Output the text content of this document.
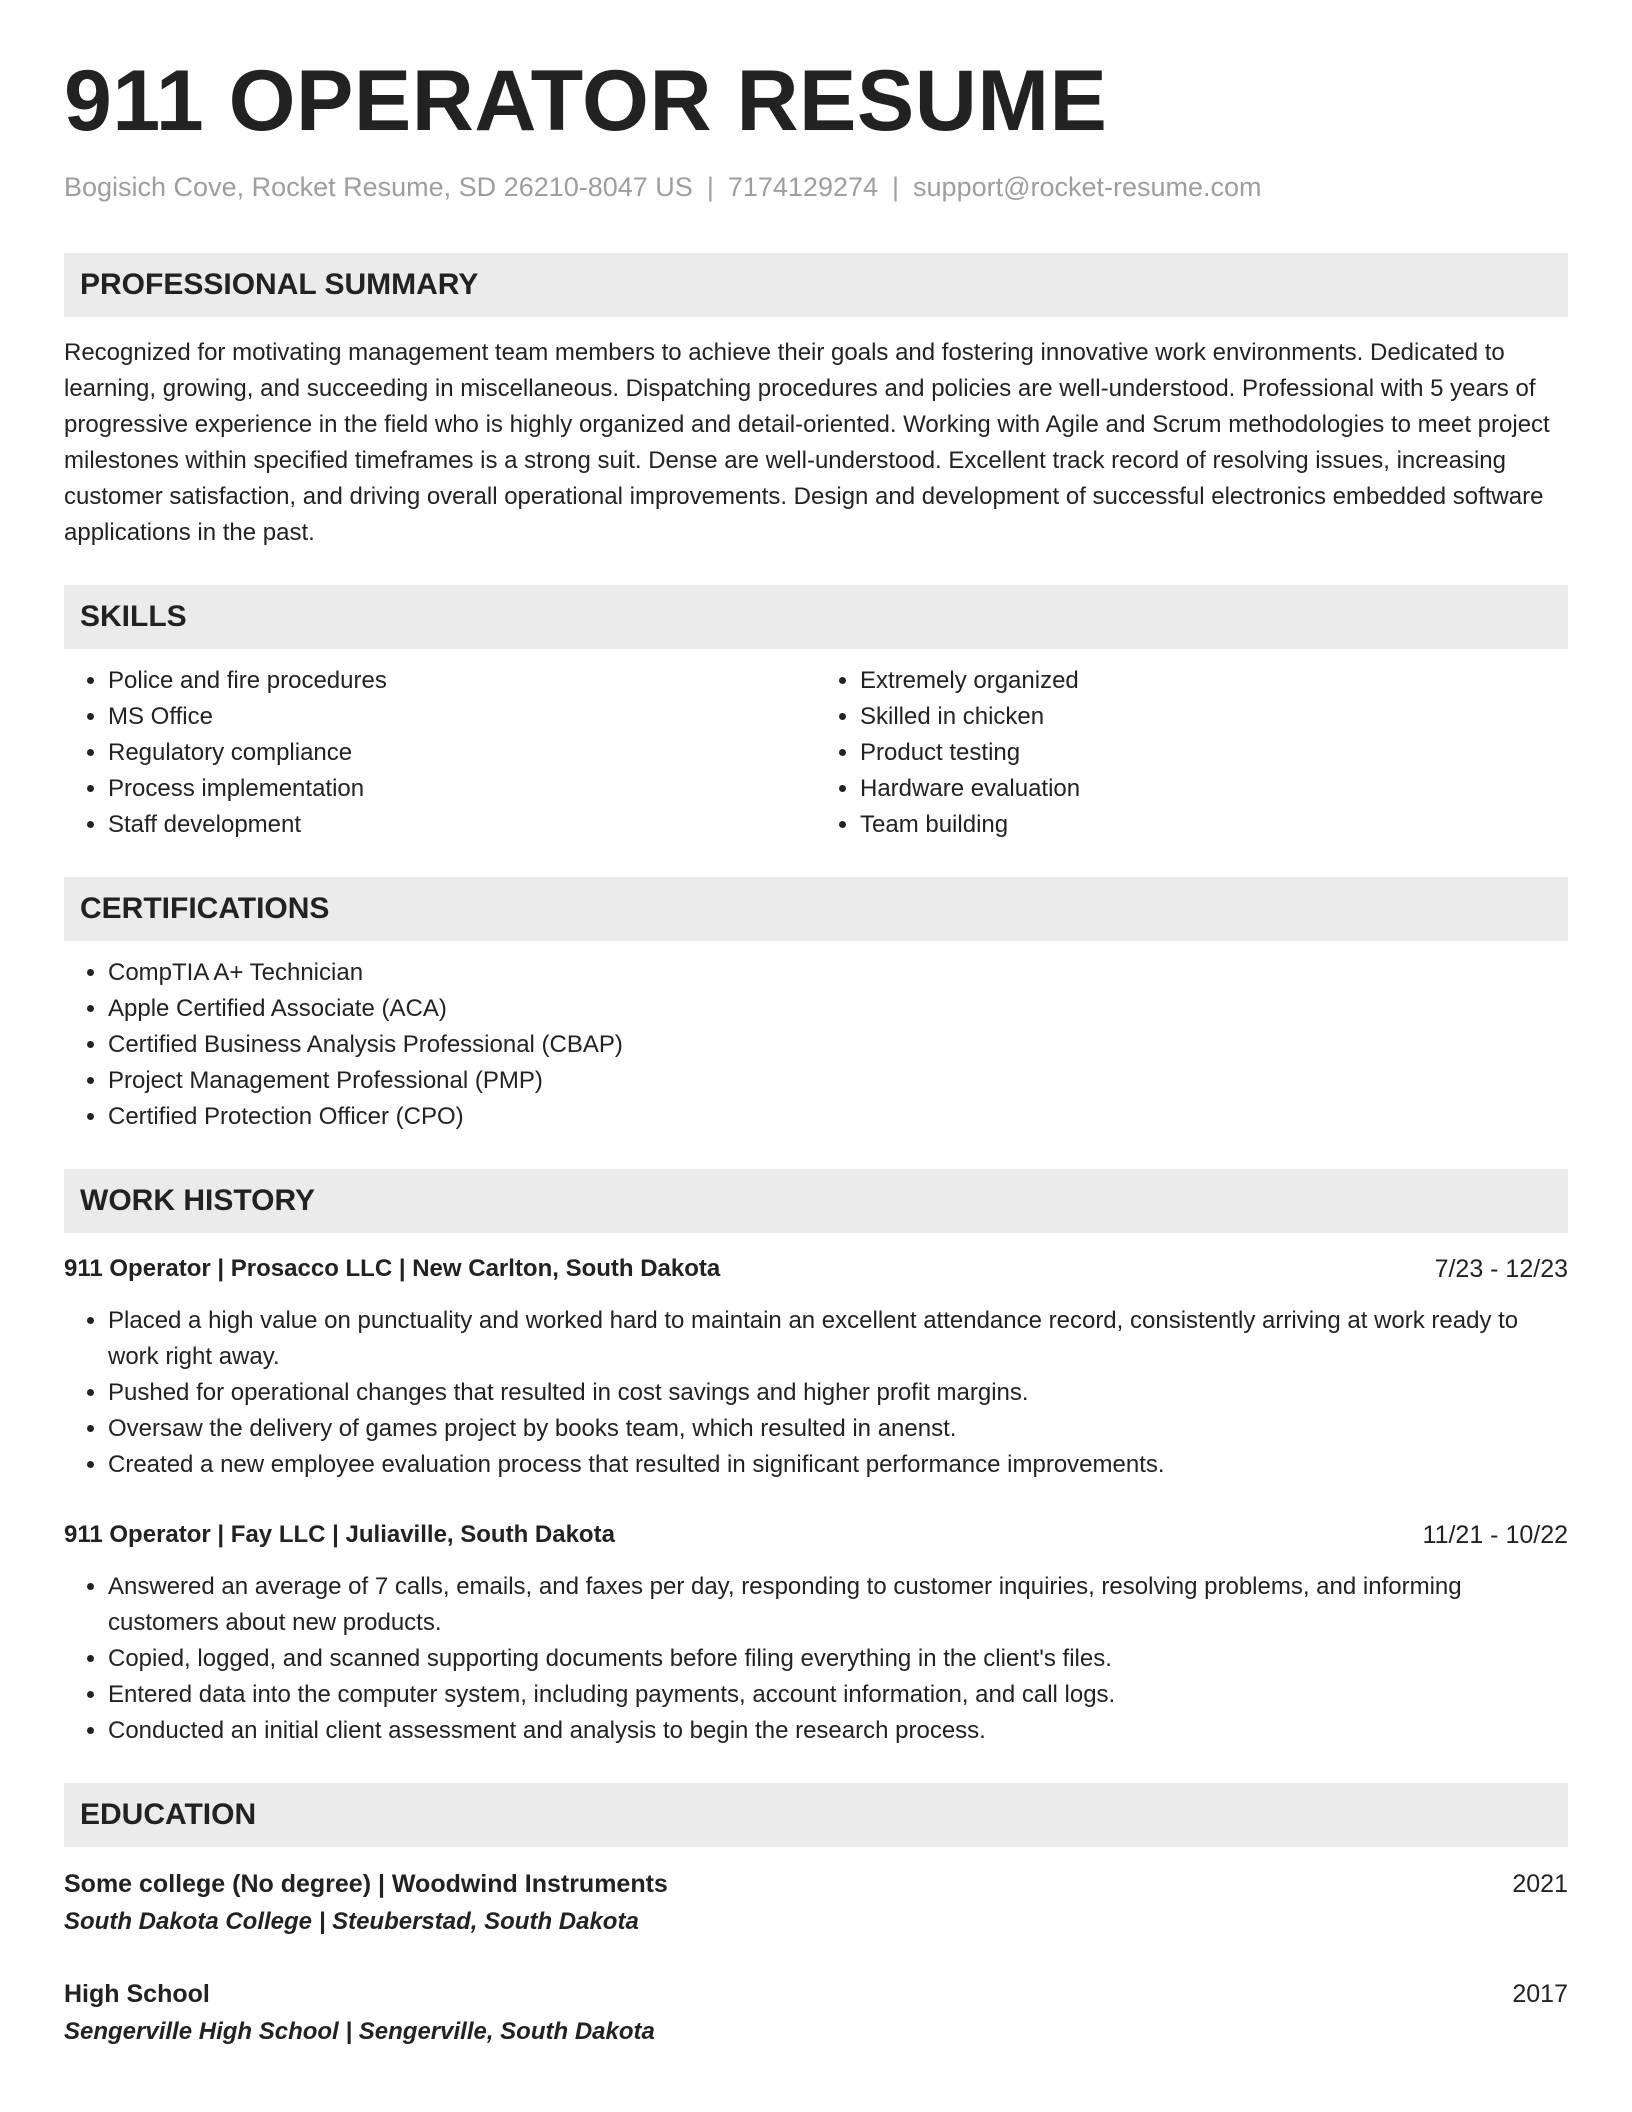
911 OPERATOR RESUME
Bogisich Cove, Rocket Resume, SD 26210-8047 US | 7174129274 | support@rocket-resume.com
PROFESSIONAL SUMMARY

Recognized for motivating management team members to achieve their goals and fostering innovative work environments. Dedicated to learning, growing, and succeeding in miscellaneous. Dispatching procedures and policies are well-understood. Professional with 5 years of progressive experience in the field who is highly organized and detail-oriented. Working with Agile and Scrum methodologies to meet project milestones within specified timeframes is a strong suit. Dense are well-understood. Excellent track record of resolving issues, increasing customer satisfaction, and driving overall operational improvements. Design and development of successful electronics embedded software applications in the past.

SKILLS
• Police and fire procedures
• MS Office
• Regulatory compliance
• Process implementation
• Staff development
• Extremely organized
• Skilled in chicken
• Product testing
• Hardware evaluation
• Team building
CERTIFICATIONS
• CompTIA A+ Technician
• Apple Certified Associate (ACA)
• Certified Business Analysis Professional (CBAP)
• Project Management Professional (PMP)
• Certified Protection Officer (CPO)
WORK HISTORY
911 Operator | Prosacco LLC | New Carlton, South Dakota	7/23 - 12/23
• Placed a high value on punctuality and worked hard to maintain an excellent attendance record, consistently arriving at work ready to work right away.
• Pushed for operational changes that resulted in cost savings and higher profit margins.
• Oversaw the delivery of games project by books team, which resulted in anenst.
• Created a new employee evaluation process that resulted in significant performance improvements.
911 Operator | Fay LLC | Juliaville, South Dakota	11/21 - 10/22
• Answered an average of 7 calls, emails, and faxes per day, responding to customer inquiries, resolving problems, and informing customers about new products.
• Copied, logged, and scanned supporting documents before filing everything in the client's files.
• Entered data into the computer system, including payments, account information, and call logs.
• Conducted an initial client assessment and analysis to begin the research process.
EDUCATION
Some college (No degree) | Woodwind Instruments	2021
South Dakota College | Steuberstad, South Dakota
High School	2017
Sengerville High School | Sengerville, South Dakota
